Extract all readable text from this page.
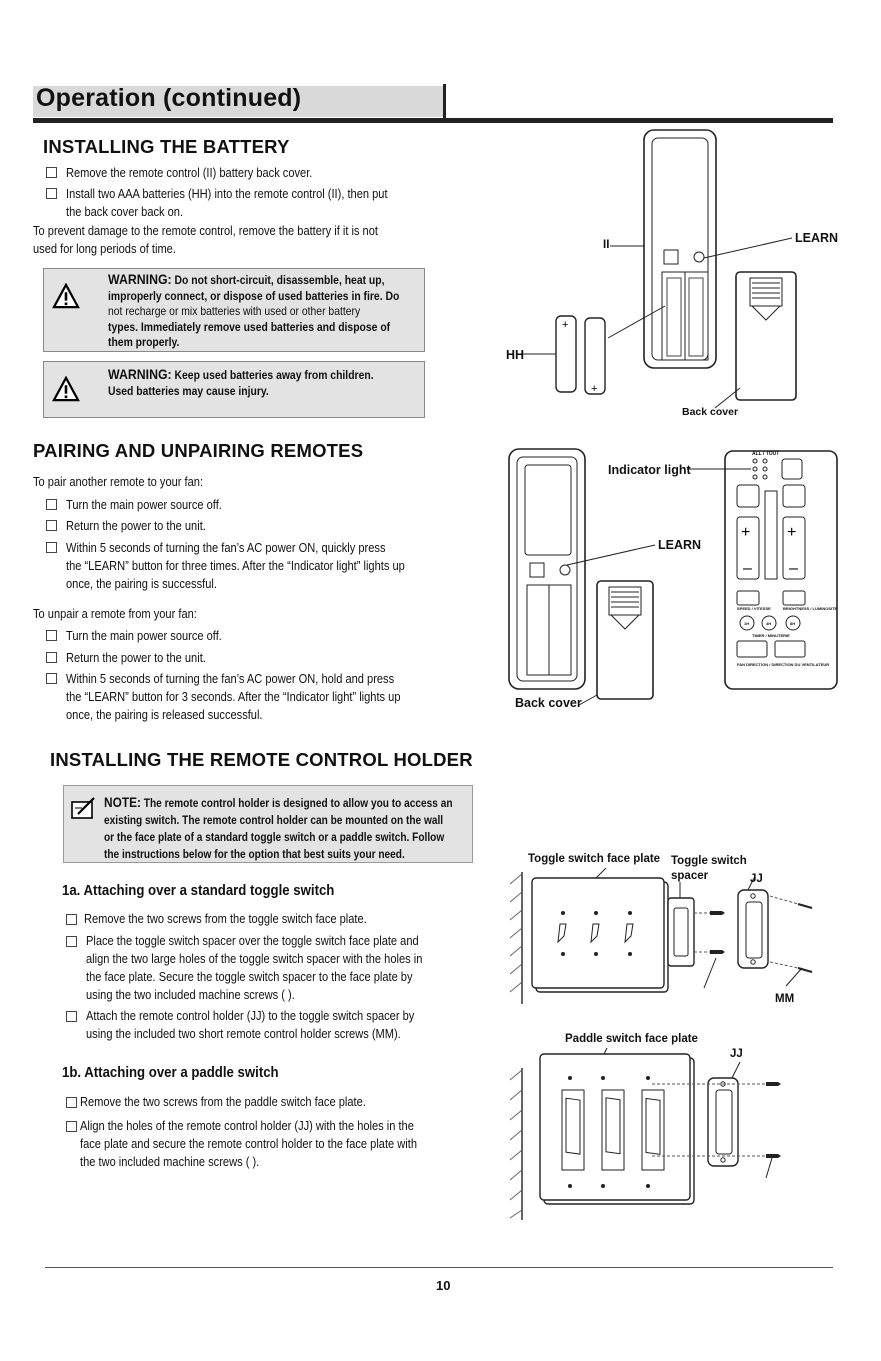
Operation (continued)
INSTALLING THE BATTERY
Remove the remote control (II) battery back cover.
Install two AAA batteries (HH) into the remote control (II), then put
the back cover back on.
To prevent damage to the remote control, remove the battery if it is not
used for long periods of time.

WARNING: Do not short-circuit, disassemble, heat up,
improperly connect, or dispose of used batteries in fire. Do
not recharge or mix batteries with used or other battery
types. Immediately remove used batteries and dispose of
them properly.

WARNING: Keep used batteries away from children.
Used batteries may cause injury.

+
+
II	LEARN
HH
Back cover
PAIRING AND UNPAIRING REMOTES
To pair another remote to your fan:
Turn the main power source off.
Return the power to the unit.
Within 5 seconds of turning the fan’s AC power ON, quickly press
the “LEARN” button for three times. After the “Indicator light” lights up
once, the pairing is successful.
To unpair a remote from your fan:
Turn the main power source off.
Return the power to the unit.
Within 5 seconds of turning the fan’s AC power ON, hold and press
the “LEARN” button for 3 seconds. After the “Indicator light” lights up
once, the pairing is released successful.
+ +
– –
Indicator light
LEARN
Back cover
ALL / TOUT
SPEED / VITESSE	BRIGHTNESS / LUMINOSITE
1H	4H	8H
TIMER / MINUTERIE
FAN DIRECTION / DIRECTION DU VENTILATEUR
INSTALLING THE REMOTE CONTROL HOLDER

NOTE: The remote control holder is designed to allow you to access an
existing switch. The remote control holder can be mounted on the wall
or the face plate of a standard toggle switch or a paddle switch. Follow
the instructions below for the option that best suits your need.

1a. Attaching over a standard toggle switch
Remove the two screws from the toggle switch face plate.
Place the toggle switch spacer over the toggle switch face plate and
align the two large holes of the toggle switch spacer with the holes in
the face plate. Secure the toggle switch spacer to the face plate by
using the two included machine screws ( ).
Attach the remote control holder (JJ) to the toggle switch spacer by
using the included two short remote control holder screws (MM).
1b. Attaching over a paddle switch
Remove the two screws from the paddle switch face plate.
Align the holes of the remote control holder (JJ) with the holes in the
face plate and secure the remote control holder to the face plate with
the two included machine screws ( ).
Toggle switch face plate Toggle switch
spacer	JJ
MM
Paddle switch face plate
JJ
10
